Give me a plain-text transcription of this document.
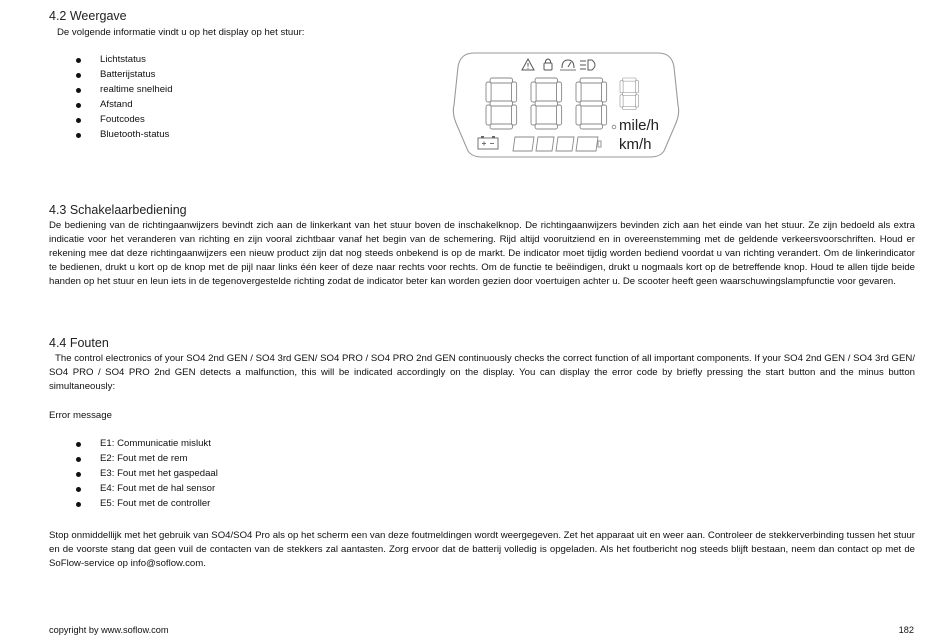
4.2 Weergave

De volgende informatie vindt u op het display op het stuur:

Lichtstatus
Batterijstatus
realtime snelheid
Afstand
Foutcodes
Bluetooth-status
mile/h
km/h
4.3 Schakelaarbediening

De bediening van de richtingaanwijzers bevindt zich aan de linkerkant van het stuur boven de inschakelknop. De richtingaanwijzers bevinden zich aan het einde van het stuur. Ze zijn bedoeld als extra indicatie voor het veranderen van richting en zijn vooral zichtbaar vanaf het begin van de schemering. Rijd altijd vooruitziend en in overeenstemming met de geldende verkeersvoorschriften. Houd er rekening mee dat deze richtingaanwijzers een nieuw product zijn dat nog steeds onbekend is op de markt. De indicator moet tijdig worden bediend voordat u van richting verandert. Om de linkerindicator te bedienen, drukt u kort op de knop met de pijl naar links één keer of deze naar rechts voor rechts. Om de functie te beëindigen, drukt u nogmaals kort op de betreffende knop. Houd te allen tijde beide handen op het stuur en leun iets in de tegenovergestelde richting zodat de indicator beter kan worden gezien door voertuigen achter u. De scooter heeft geen waarschuwingslampfunctie voor gevaren.

4.4 Fouten

The control electronics of your SO4 2nd GEN / SO4 3rd GEN/ SO4 PRO / SO4 PRO 2nd GEN continuously checks the correct function of all important components. If your SO4 2nd GEN / SO4 3rd GEN/ SO4 PRO / SO4 PRO 2nd GEN detects a malfunction, this will be indicated accordingly on the display. You can display the error code by briefly pressing the start button and the minus button simultaneously:

Error message

E1: Communicatie mislukt
E2: Fout met de rem
E3: Fout met het gaspedaal
E4: Fout met de hal sensor
E5: Fout met de controller

Stop onmiddellijk met het gebruik van SO4/SO4 Pro als op het scherm een van deze foutmeldingen wordt weergegeven. Zet het apparaat uit en weer aan. Controleer de stekkerverbinding tussen het stuur en de voorste stang dat geen vuil de contacten van de stekkers zal aantasten. Zorg ervoor dat de batterij volledig is opgeladen. Als het foutbericht nog steeds blijft bestaan, neem dan contact op met de SoFlow-service op info@soflow.com.

copyright by www.soflow.com	182
